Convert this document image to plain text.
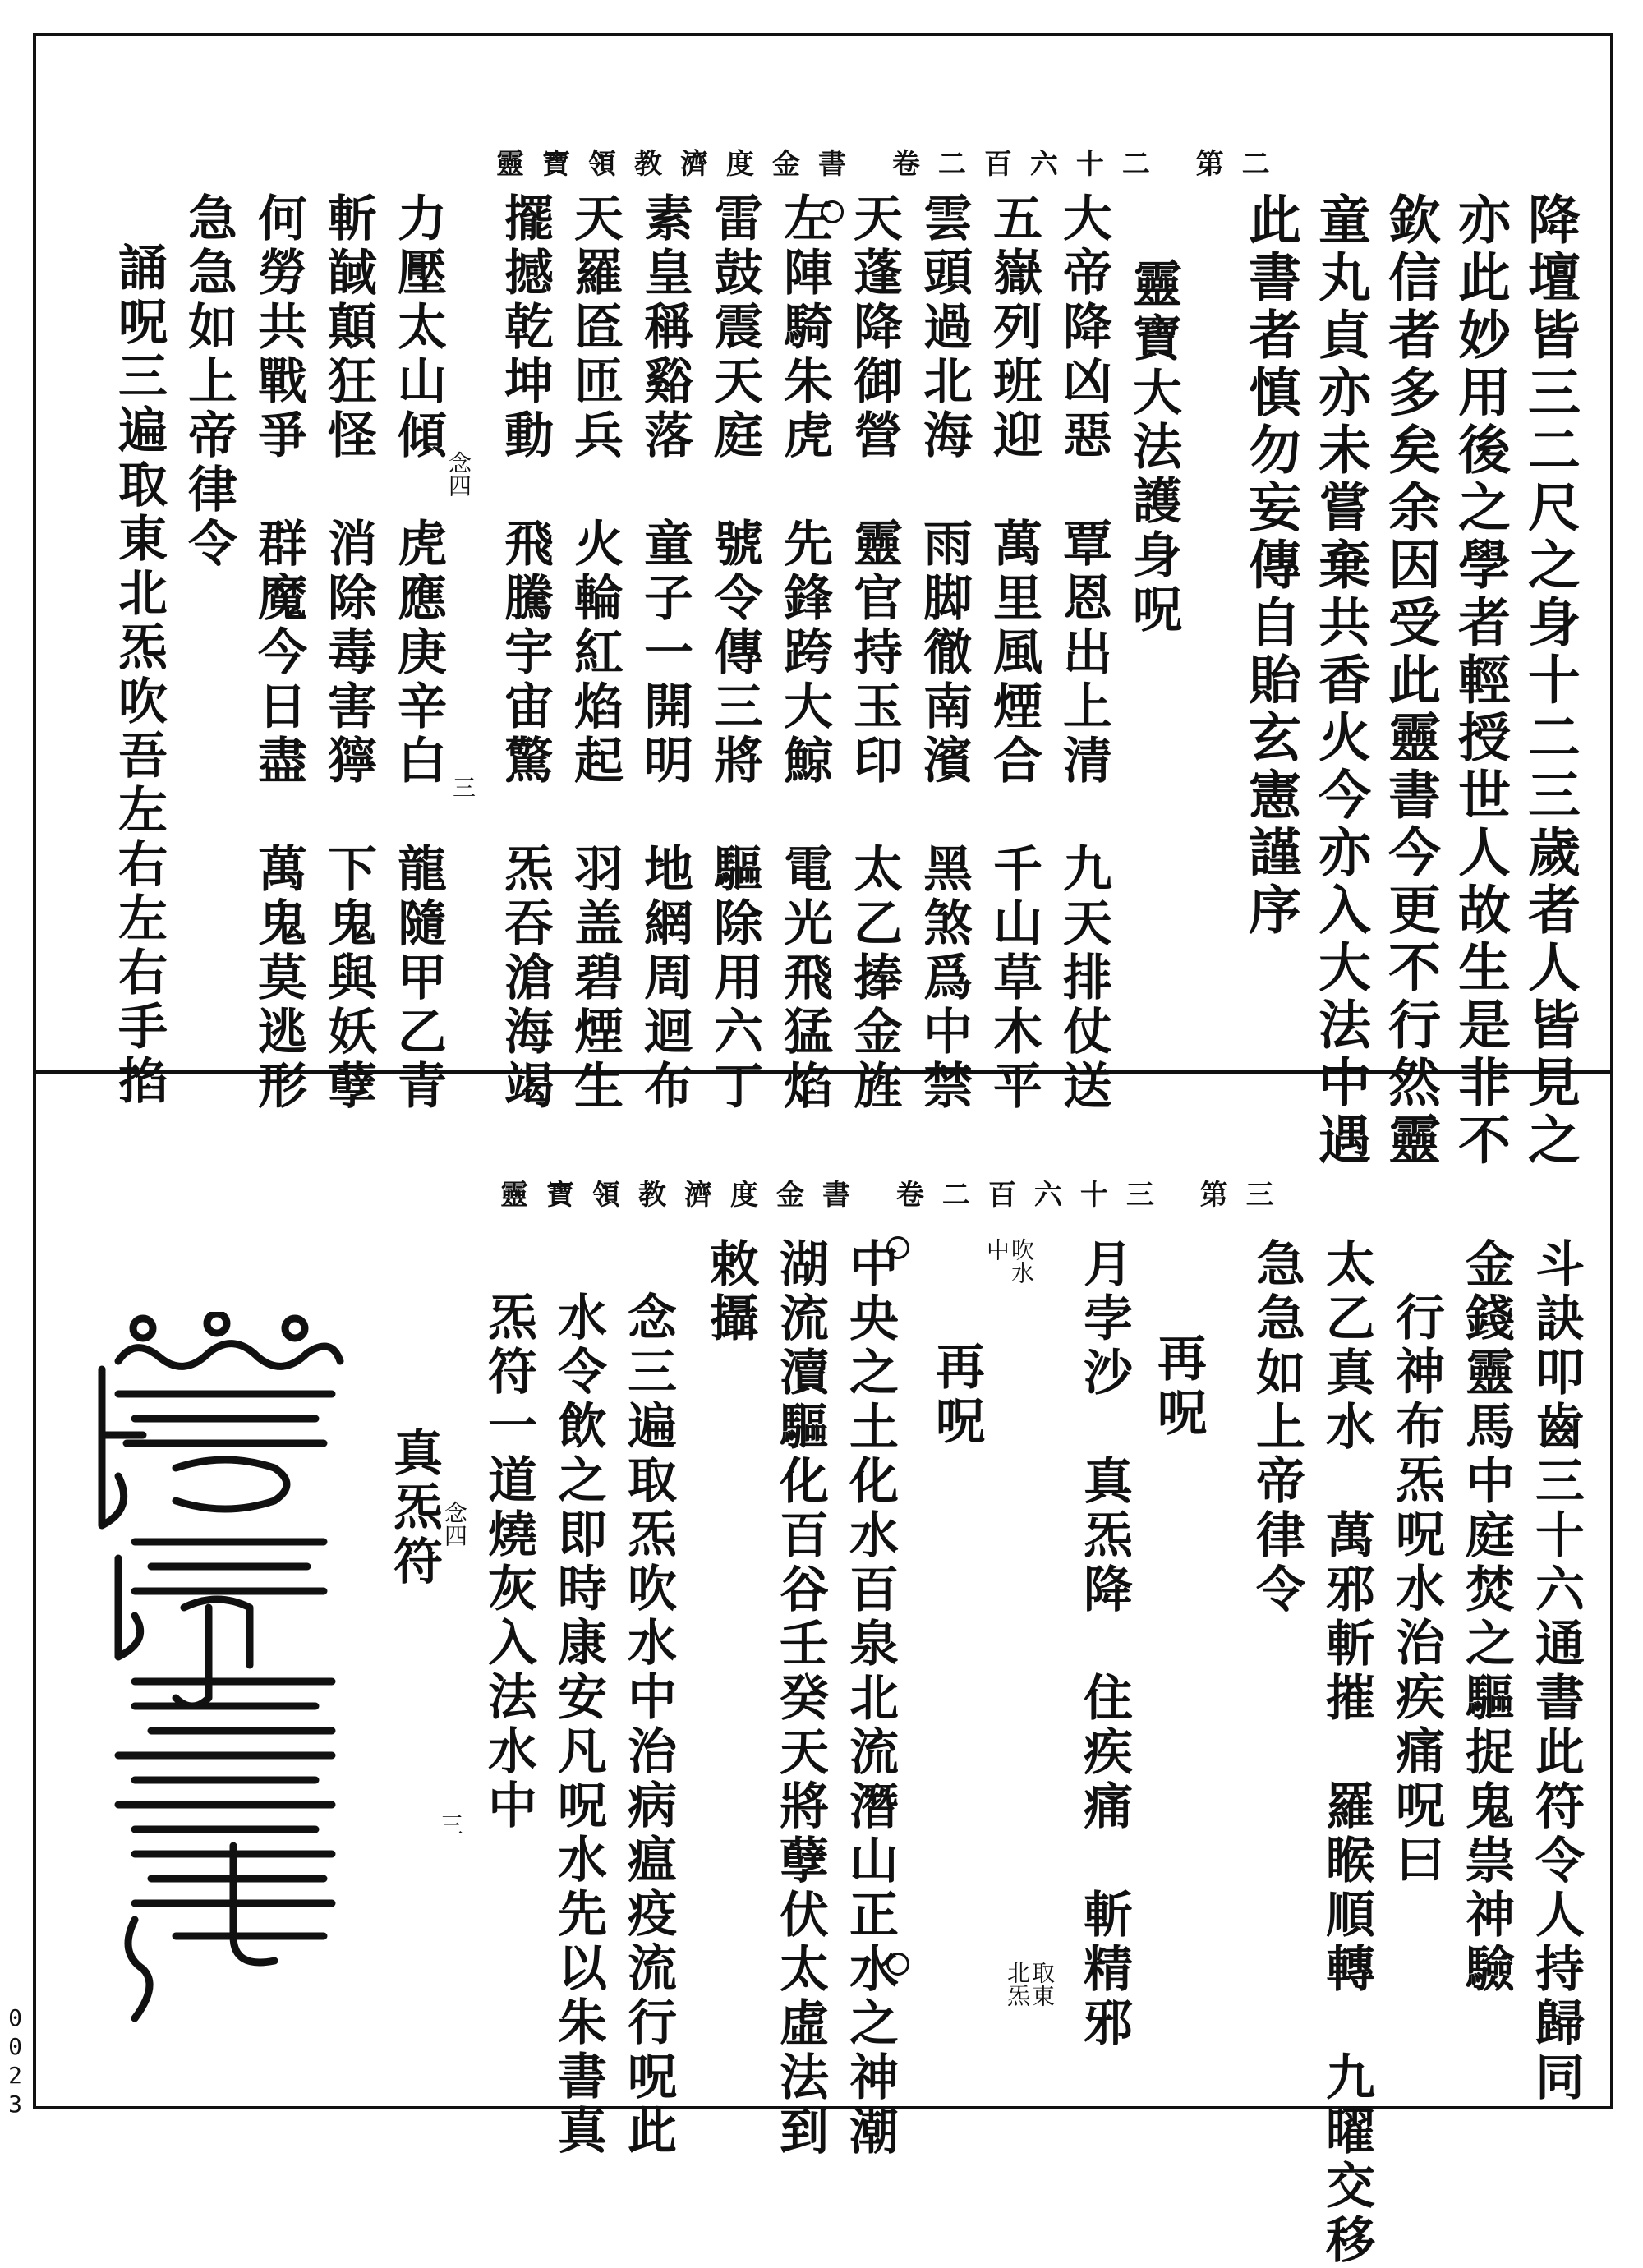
靈寶領教濟度金書 卷二百六十二 第二
降壇皆三二尺之身十二三歲者人皆見之
亦此妙用後之學者輕授世人故生是非不
欽信者多矣余因受此靈書今更不行然靈
童丸貞亦未嘗棄共香火今亦入大法中遇
此書者慎勿妄傳自貽玄憲謹序
靈寶大法護身呪
大帝降凶惡　覃恩出上清　九天排仗送
五嶽列班迎　萬里風煙合　千山草木平
雲頭過北海　雨脚徹南濱　黑煞爲中禁
天蓬降御營　靈官持玉印　太乙捧金旌
左陣騎朱虎　先鋒跨大鯨　電光飛猛焰
雷鼓震天庭　號令傳三將　驅除用六丁
素皇稱谿落　童子一開明　地網周迴布
天羅匼匝兵　火輪紅焰起　羽盖碧煙生
擺撼乾坤動　飛騰宇宙驚　炁吞滄海竭
力壓太山傾　虎應庚辛白　龍隨甲乙青
斬馘顛狂怪　消除毒害獰　下鬼與妖孽
何勞共戰爭　群魔今日盡　萬鬼莫逃形
急急如上帝律令
誦呪三遍取東北炁吹吾左右左右手掐	念四
三
靈寶領教濟度金書 卷二百六十三 第三
斗訣叩齒三十六通書此符令人持歸同
金錢靈馬中庭焚之驅捉鬼祟神驗
行神布炁呪水治疾痛呪曰
太乙真水　萬邪斬摧　羅睺順轉　九曜交移
急急如上帝律令
再呪
月孛沙　真炁降　住疾痛　斬精邪
再呪
中央之土化水百泉北流潛山正水之神潮
湖流瀆驅化百谷壬癸天將孽伏太虛法到
敕攝
念三遍取炁吹水中治病瘟疫流行呪此
水令飲之即時康安凡呪水先以朱書真
炁符一道燒灰入法水中
真炁符
取東
北炁
吹水
中
念四
三
0023
